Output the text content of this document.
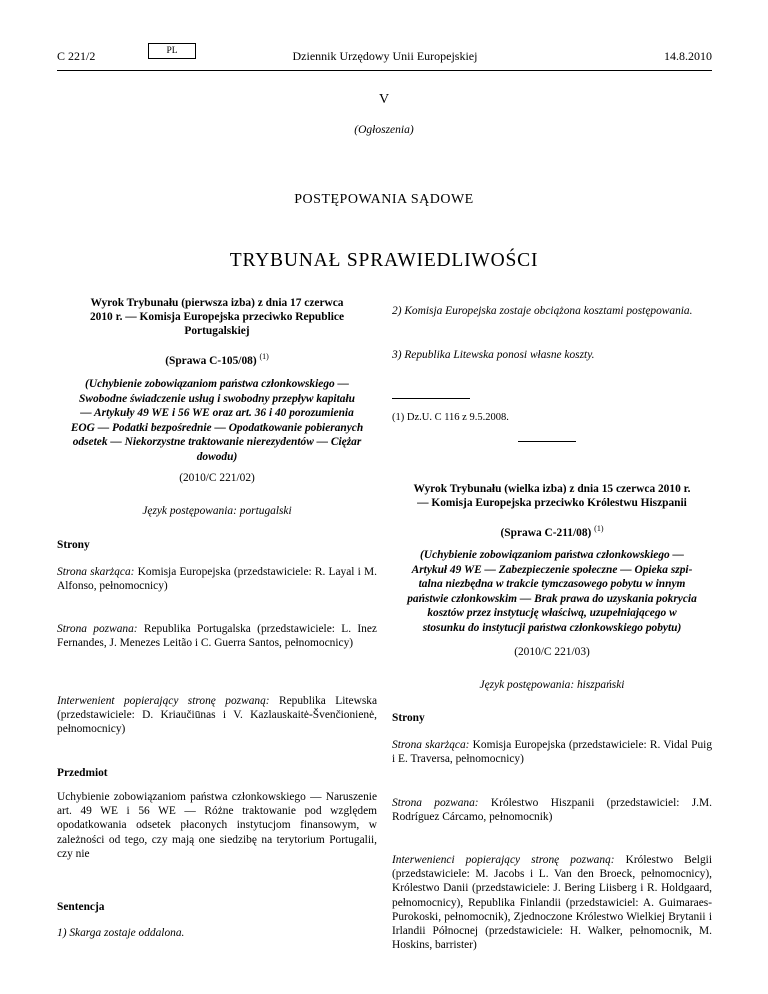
C 221/2	PL	Dziennik Urzędowy Unii Europejskiej	14.8.2010
V
(Ogłoszenia)
POSTĘPOWANIA SĄDOWE
TRYBUNAŁ SPRAWIEDLIWOŚCI

Wyrok Trybunału (pierwsza izba) z dnia 17 czerwca
2010 r. — Komisja Europejska przeciwko Republice
Portugalskiej

(Sprawa C-105/08) $^{(1)}$
(Uchybienie zobowiązaniom państwa członkowskiego —
Swobodne świadczenie usług i swobodny przepływ kapitału
— Artykuły 49 WE i 56 WE oraz art. 36 i 40 porozumienia
EOG — Podatki bezpośrednie — Opodatkowanie pobieranych
odsetek — Niekorzystne traktowanie nierezydentów — Ciężar
dowodu)
(2010/C 221/02)
Język postępowania: portugalski
Strony
Strona skarżąca: Komisja Europejska (przedstawiciele: R. Layal i M. Alfonso, pełnomocnicy)
Strona pozwana: Republika Portugalska (przedstawiciele: L. Inez Fernandes, J. Menezes Leitão i C. Guerra Santos, pełnomocnicy)
Interwenient popierający stronę pozwaną: Republika Litewska (przedstawiciele: D. Kriaučiūnas i V. Kazlauskaitė-Švenčionienė, pełnomocnicy)
Przedmiot
Uchybienie zobowiązaniom państwa członkowskiego — Naruszenie art. 49 WE i 56 WE — Różne traktowanie pod względem opodatkowania odsetek płaconych instytucjom finansowym, w zależności od tego, czy mają one siedzibę na terytorium Portugalii, czy nie
Sentencja
1) Skarga zostaje oddalona.
2) Komisja Europejska zostaje obciążona kosztami postępowania.
3) Republika Litewska ponosi własne koszty.
(1) Dz.U. C 116 z 9.5.2008.
Wyrok Trybunału (wielka izba) z dnia 15 czerwca 2010 r.
— Komisja Europejska przeciwko Królestwu Hiszpanii
(Sprawa C-211/08) $^{(1)}$
(Uchybienie zobowiązaniom państwa członkowskiego —
Artykuł 49 WE — Zabezpieczenie społeczne — Opieka szpi-
talna niezbędna w trakcie tymczasowego pobytu w innym
państwie członkowskim — Brak prawa do uzyskania pokrycia
kosztów przez instytucję właściwą, uzupełniającego w
stosunku do instytucji państwa członkowskiego pobytu)
(2010/C 221/03)
Język postępowania: hiszpański
Strony
Strona skarżąca: Komisja Europejska (przedstawiciele: R. Vidal Puig i E. Traversa, pełnomocnicy)
Strona pozwana: Królestwo Hiszpanii (przedstawiciel: J.M. Rodríguez Cárcamo, pełnomocnik)
Interwenienci popierający stronę pozwaną: Królestwo Belgii (przedstawiciele: M. Jacobs i L. Van den Broeck, pełnomocnicy), Królestwo Danii (przedstawiciele: J. Bering Liisberg i R. Holdgaard, pełnomocnicy), Republika Finlandii (przedstawiciel: A. Guimaraes-Purokoski, pełnomocnik), Zjednoczone Królestwo Wielkiej Brytanii i Irlandii Północnej (przedstawiciele: H. Walker, pełnomocnik, M. Hoskins, barrister)
